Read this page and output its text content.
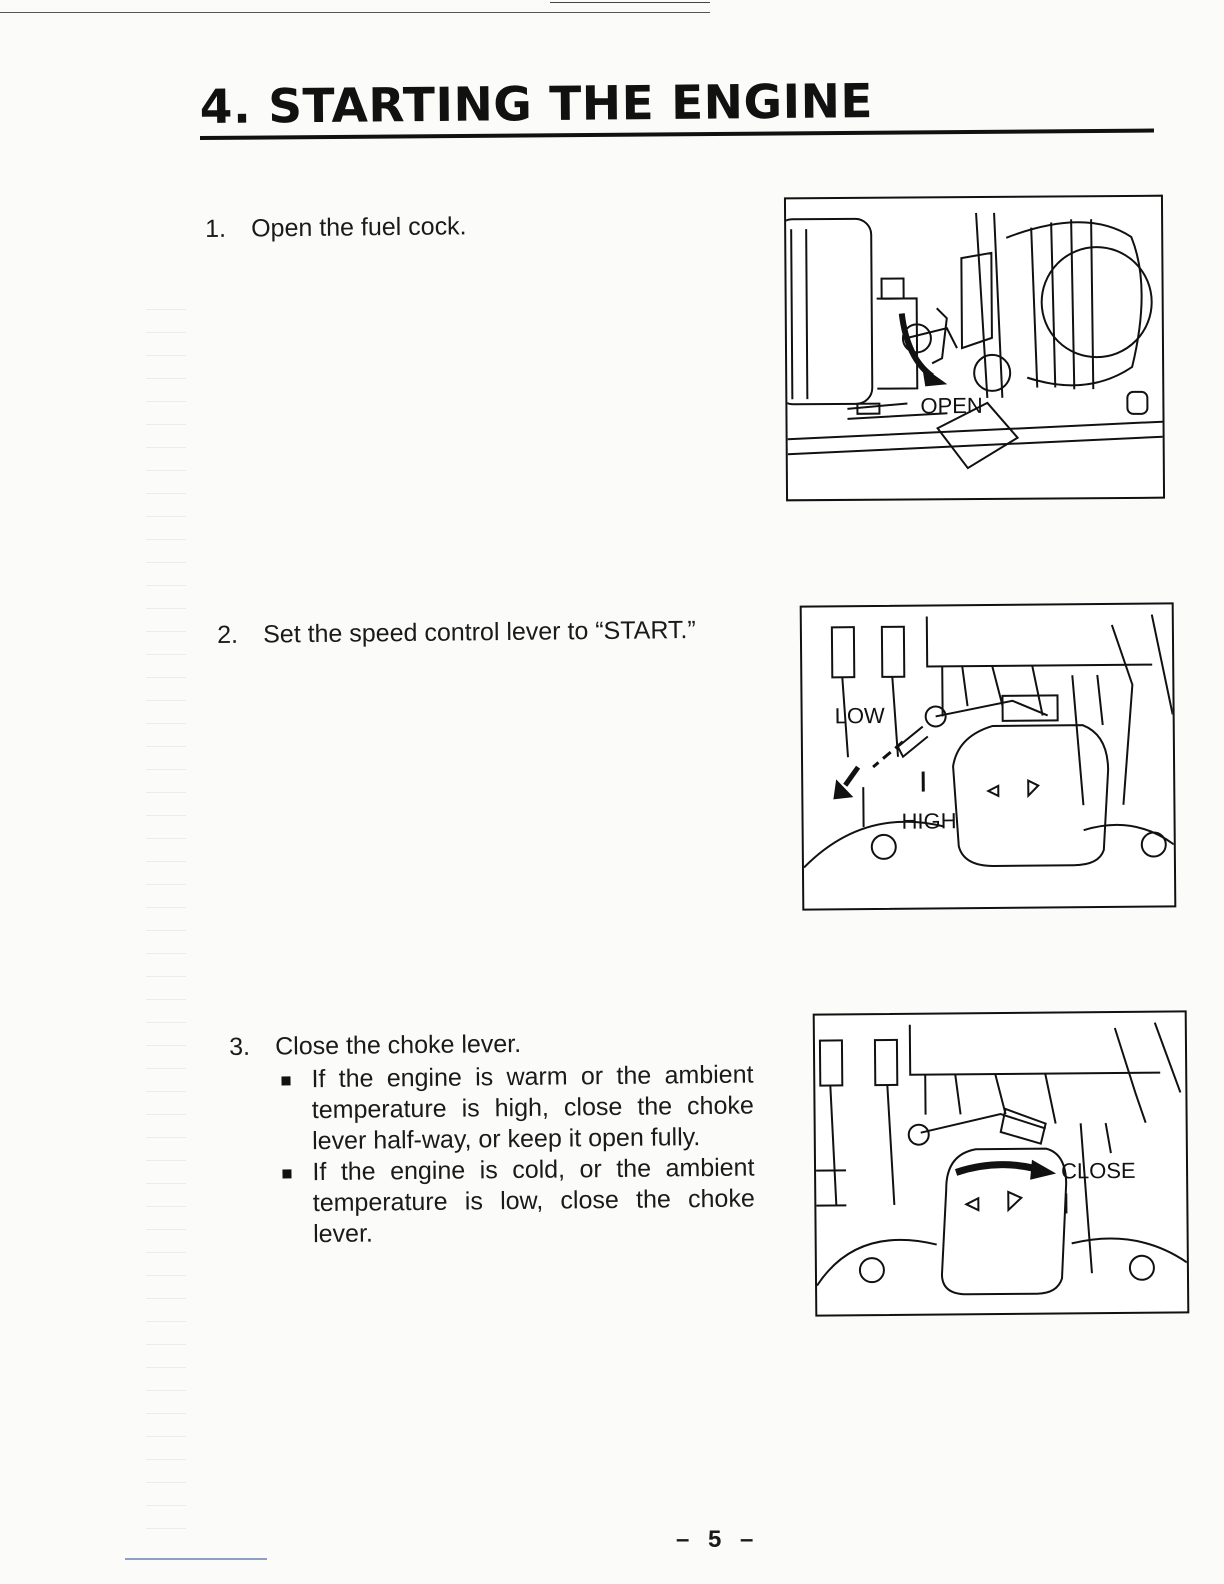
4. STARTING THE ENGINE
1. Open the fuel cock.
OPEN
2. Set the speed control lever to “START.”
LOW
HIGH
3. Close the choke lever.
If the engine is warm or the ambient temperature is high, close the choke lever half-way, or keep it open fully.
If the engine is cold, or the ambient temperature is low, close the choke lever.
CLOSE
– 5 –
